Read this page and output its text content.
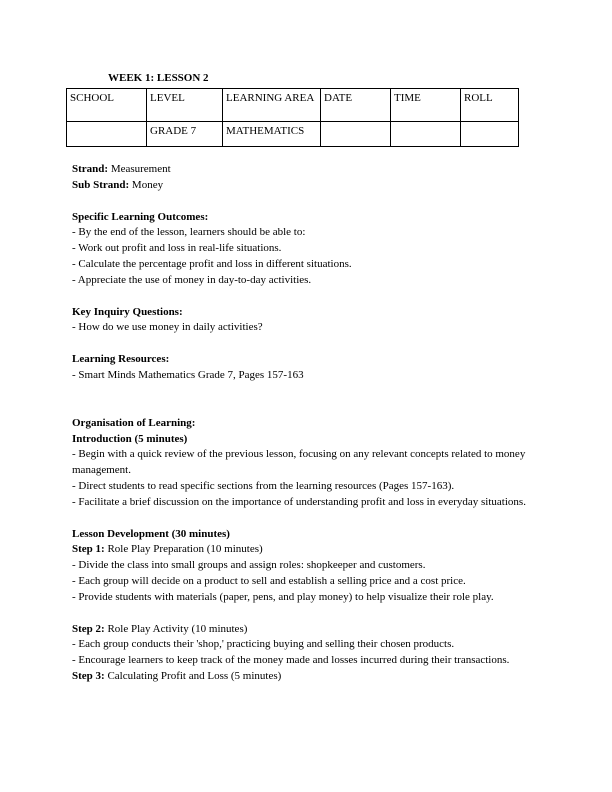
WEEK 1: LESSON 2
SCHOOL	LEVEL	LEARNING AREA	DATE	TIME	ROLL
	GRADE 7	MATHEMATICS			

Strand: Measurement

Sub Strand: Money

Specific Learning Outcomes:

- By the end of the lesson, learners should be able to:

- Work out profit and loss in real-life situations.

- Calculate the percentage profit and loss in different situations.

- Appreciate the use of money in day-to-day activities.

Key Inquiry Questions:

- How do we use money in daily activities?

Learning Resources:

- Smart Minds Mathematics Grade 7, Pages 157-163

Organisation of Learning:

Introduction (5 minutes)

- Begin with a quick review of the previous lesson, focusing on any relevant concepts related to money management.

- Direct students to read specific sections from the learning resources (Pages 157-163).

- Facilitate a brief discussion on the importance of understanding profit and loss in everyday situations.

Lesson Development (30 minutes)

Step 1: Role Play Preparation (10 minutes)

- Divide the class into small groups and assign roles: shopkeeper and customers.

- Each group will decide on a product to sell and establish a selling price and a cost price.

- Provide students with materials (paper, pens, and play money) to help visualize their role play.

Step 2: Role Play Activity (10 minutes)

- Each group conducts their 'shop,' practicing buying and selling their chosen products.

- Encourage learners to keep track of the money made and losses incurred during their transactions.

Step 3: Calculating Profit and Loss (5 minutes)
